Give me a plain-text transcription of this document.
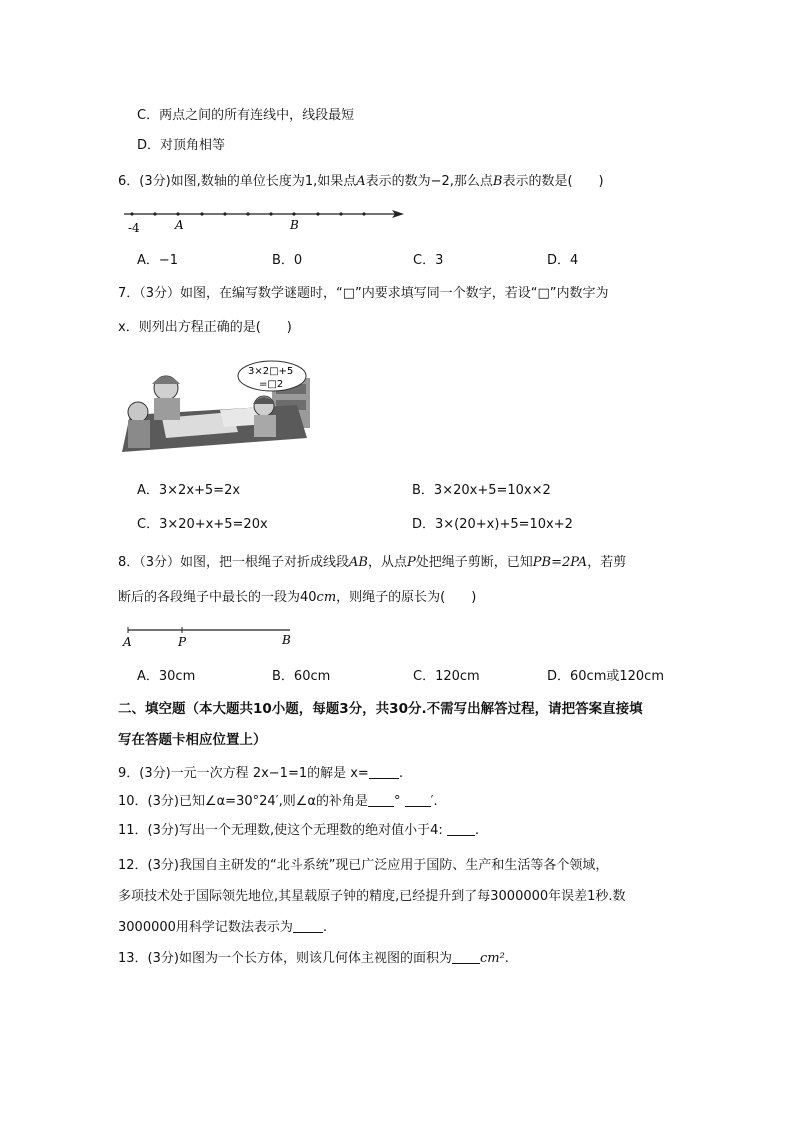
C．两点之间的所有连线中，线段最短
D．对顶角相等
6．(3分)如图,数轴的单位长度为1,如果点A表示的数为−2,那么点B表示的数是(　　)
-4	A	B
A．−1	B．0	C．3	D．4
7．（3分）如图，在编写数学谜题时，“□”内要求填写同一个数字，若设“□”内数字为
x．则列出方程正确的是(　　)
3×2□+5
=□2
A．3×2x+5=2x	B．3×20x+5=10x×2
C．3×20+x+5=20x	D．3×(20+x)+5=10x+2
8．（3分）如图，把一根绳子对折成线段AB，从点P处把绳子剪断，已知PB=2PA，若剪
断后的各段绳子中最长的一段为40cm，则绳子的原长为(　　)
A	P	B
A．30cm	B．60cm	C．120cm	D．60cm或120cm
二、填空题（本大题共10小题，每题3分，共30分.不需写出解答过程，请把答案直接填
写在答题卡相应位置上）
9．(3分)一元一次方程 2x−1=1的解是 x= .
10．(3分)已知∠α=30°24′,则∠α的补角是 ° ′.
11．(3分)写出一个无理数,使这个无理数的绝对值小于4: .
12．(3分)我国自主研发的“北斗系统”现已广泛应用于国防、生产和生活等各个领域，
多项技术处于国际领先地位,其星载原子钟的精度,已经提升到了每3000000年误差1秒.数
3000000用科学记数法表示为 .
13．(3分)如图为一个长方体，则该几何体主视图的面积为 cm².
